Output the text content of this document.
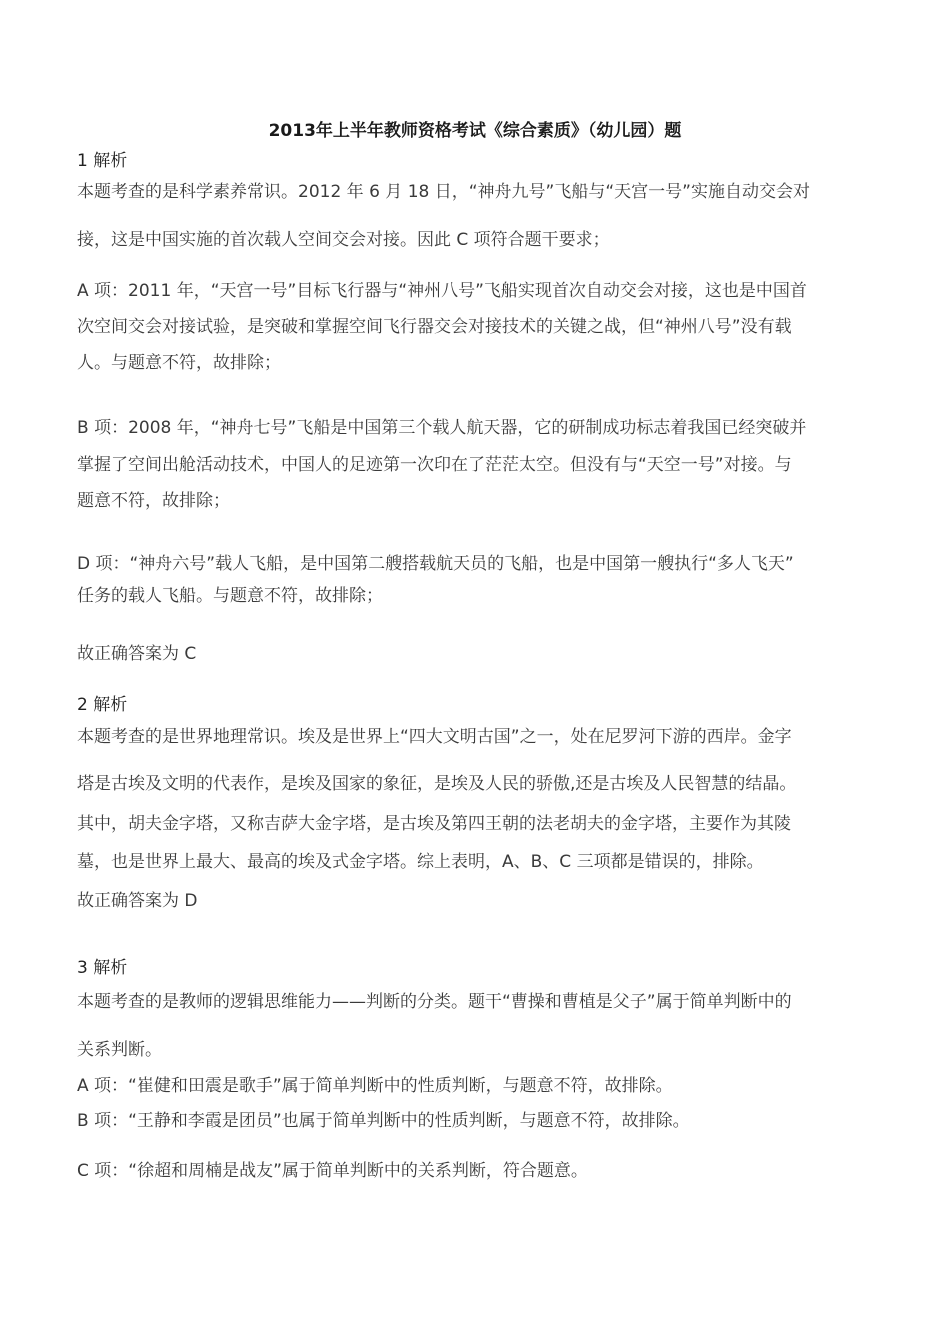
2013年上半年教师资格考试《综合素质》（幼儿园）题
1 解析
本题考查的是科学素养常识。2012 年 6 月 18 日，“神舟九号”飞船与“天宫一号”实施自动交会对
接，这是中国实施的首次载人空间交会对接。因此 C 项符合题干要求；
A 项：2011 年，“天宫一号”目标飞行器与“神州八号”飞船实现首次自动交会对接，这也是中国首
次空间交会对接试验，是突破和掌握空间飞行器交会对接技术的关键之战，但“神州八号”没有载
人。与题意不符，故排除；
B 项：2008 年，“神舟七号”飞船是中国第三个载人航天器，它的研制成功标志着我国已经突破并
掌握了空间出舱活动技术，中国人的足迹第一次印在了茫茫太空。但没有与“天空一号”对接。与
题意不符，故排除；
D 项：“神舟六号”载人飞船，是中国第二艘搭载航天员的飞船，也是中国第一艘执行“多人飞天”
任务的载人飞船。与题意不符，故排除；
故正确答案为 C
2 解析
本题考查的是世界地理常识。埃及是世界上“四大文明古国”之一，处在尼罗河下游的西岸。金字
塔是古埃及文明的代表作，是埃及国家的象征，是埃及人民的骄傲,还是古埃及人民智慧的结晶。
其中，胡夫金字塔，又称吉萨大金字塔，是古埃及第四王朝的法老胡夫的金字塔，主要作为其陵
墓，也是世界上最大、最高的埃及式金字塔。综上表明，A、B、C 三项都是错误的，排除。
故正确答案为 D
3 解析
本题考查的是教师的逻辑思维能力——判断的分类。题干“曹操和曹植是父子”属于简单判断中的
关系判断。
A 项：“崔健和田震是歌手”属于简单判断中的性质判断，与题意不符，故排除。
B 项：“王静和李霞是团员”也属于简单判断中的性质判断，与题意不符，故排除。
C 项：“徐超和周楠是战友”属于简单判断中的关系判断，符合题意。
